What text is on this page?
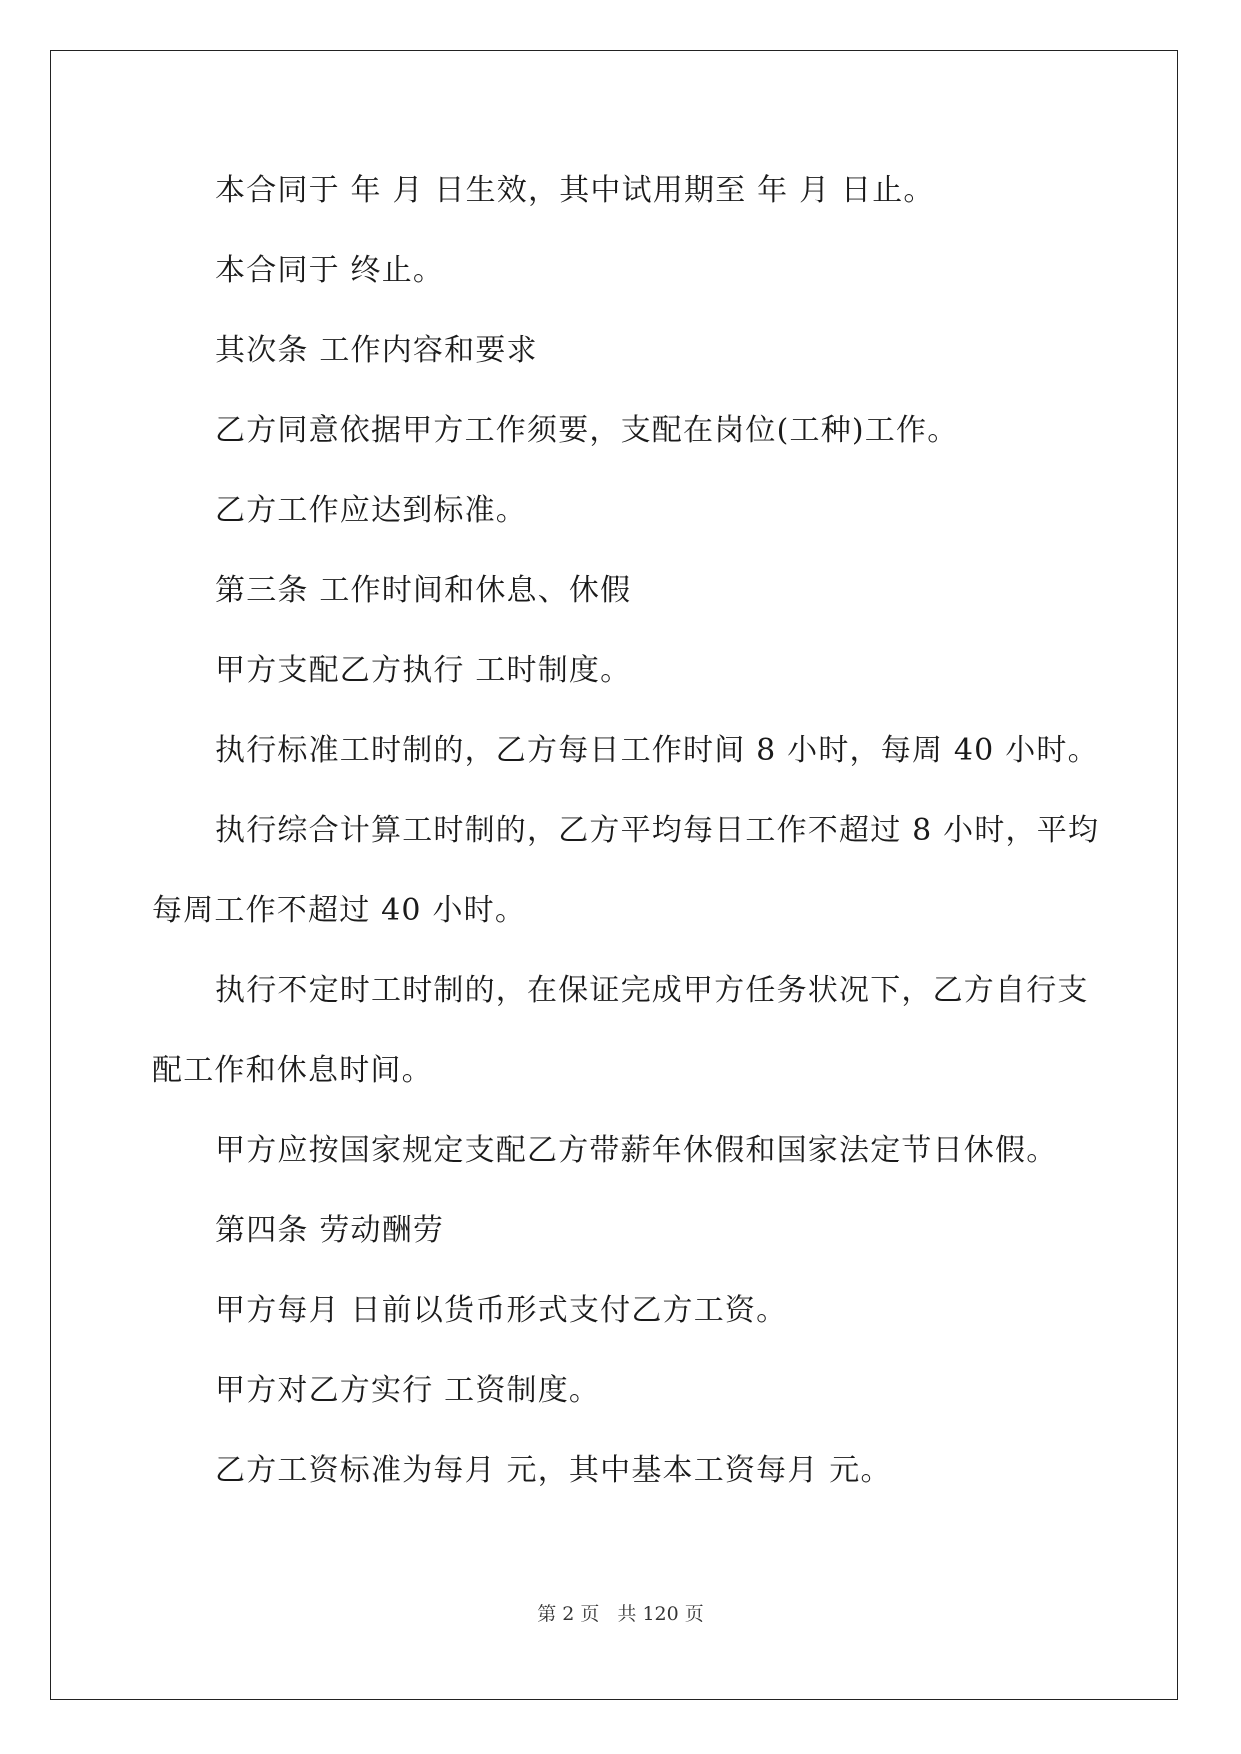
本合同于 年 月 日生效，其中试用期至 年 月 日止。
本合同于 终止。
其次条 工作内容和要求
乙方同意依据甲方工作须要，支配在岗位(工种)工作。
乙方工作应达到标准。
第三条 工作时间和休息、休假
甲方支配乙方执行 工时制度。
执行标准工时制的，乙方每日工作时间 8 小时，每周 40 小时。
执行综合计算工时制的，乙方平均每日工作不超过 8 小时，平均
每周工作不超过 40 小时。
执行不定时工时制的，在保证完成甲方任务状况下，乙方自行支
配工作和休息时间。
甲方应按国家规定支配乙方带薪年休假和国家法定节日休假。
第四条 劳动酬劳
甲方每月 日前以货币形式支付乙方工资。
甲方对乙方实行 工资制度。
乙方工资标准为每月 元，其中基本工资每月 元。
第 2 页 共 120 页
